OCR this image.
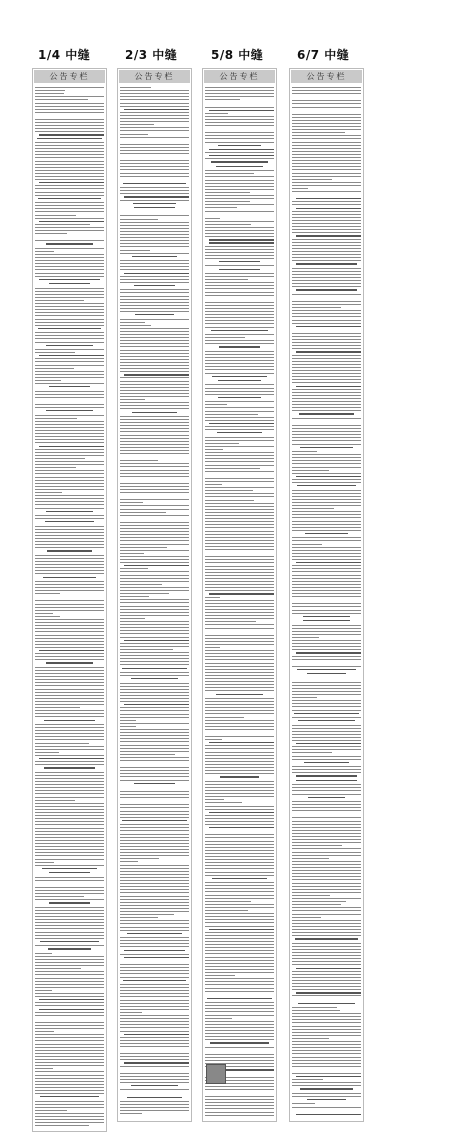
1/4 中缝	2/3 中缝	5/8 中缝	6/7 中缝
公告专栏	公告专栏	公告专栏	公告专栏
